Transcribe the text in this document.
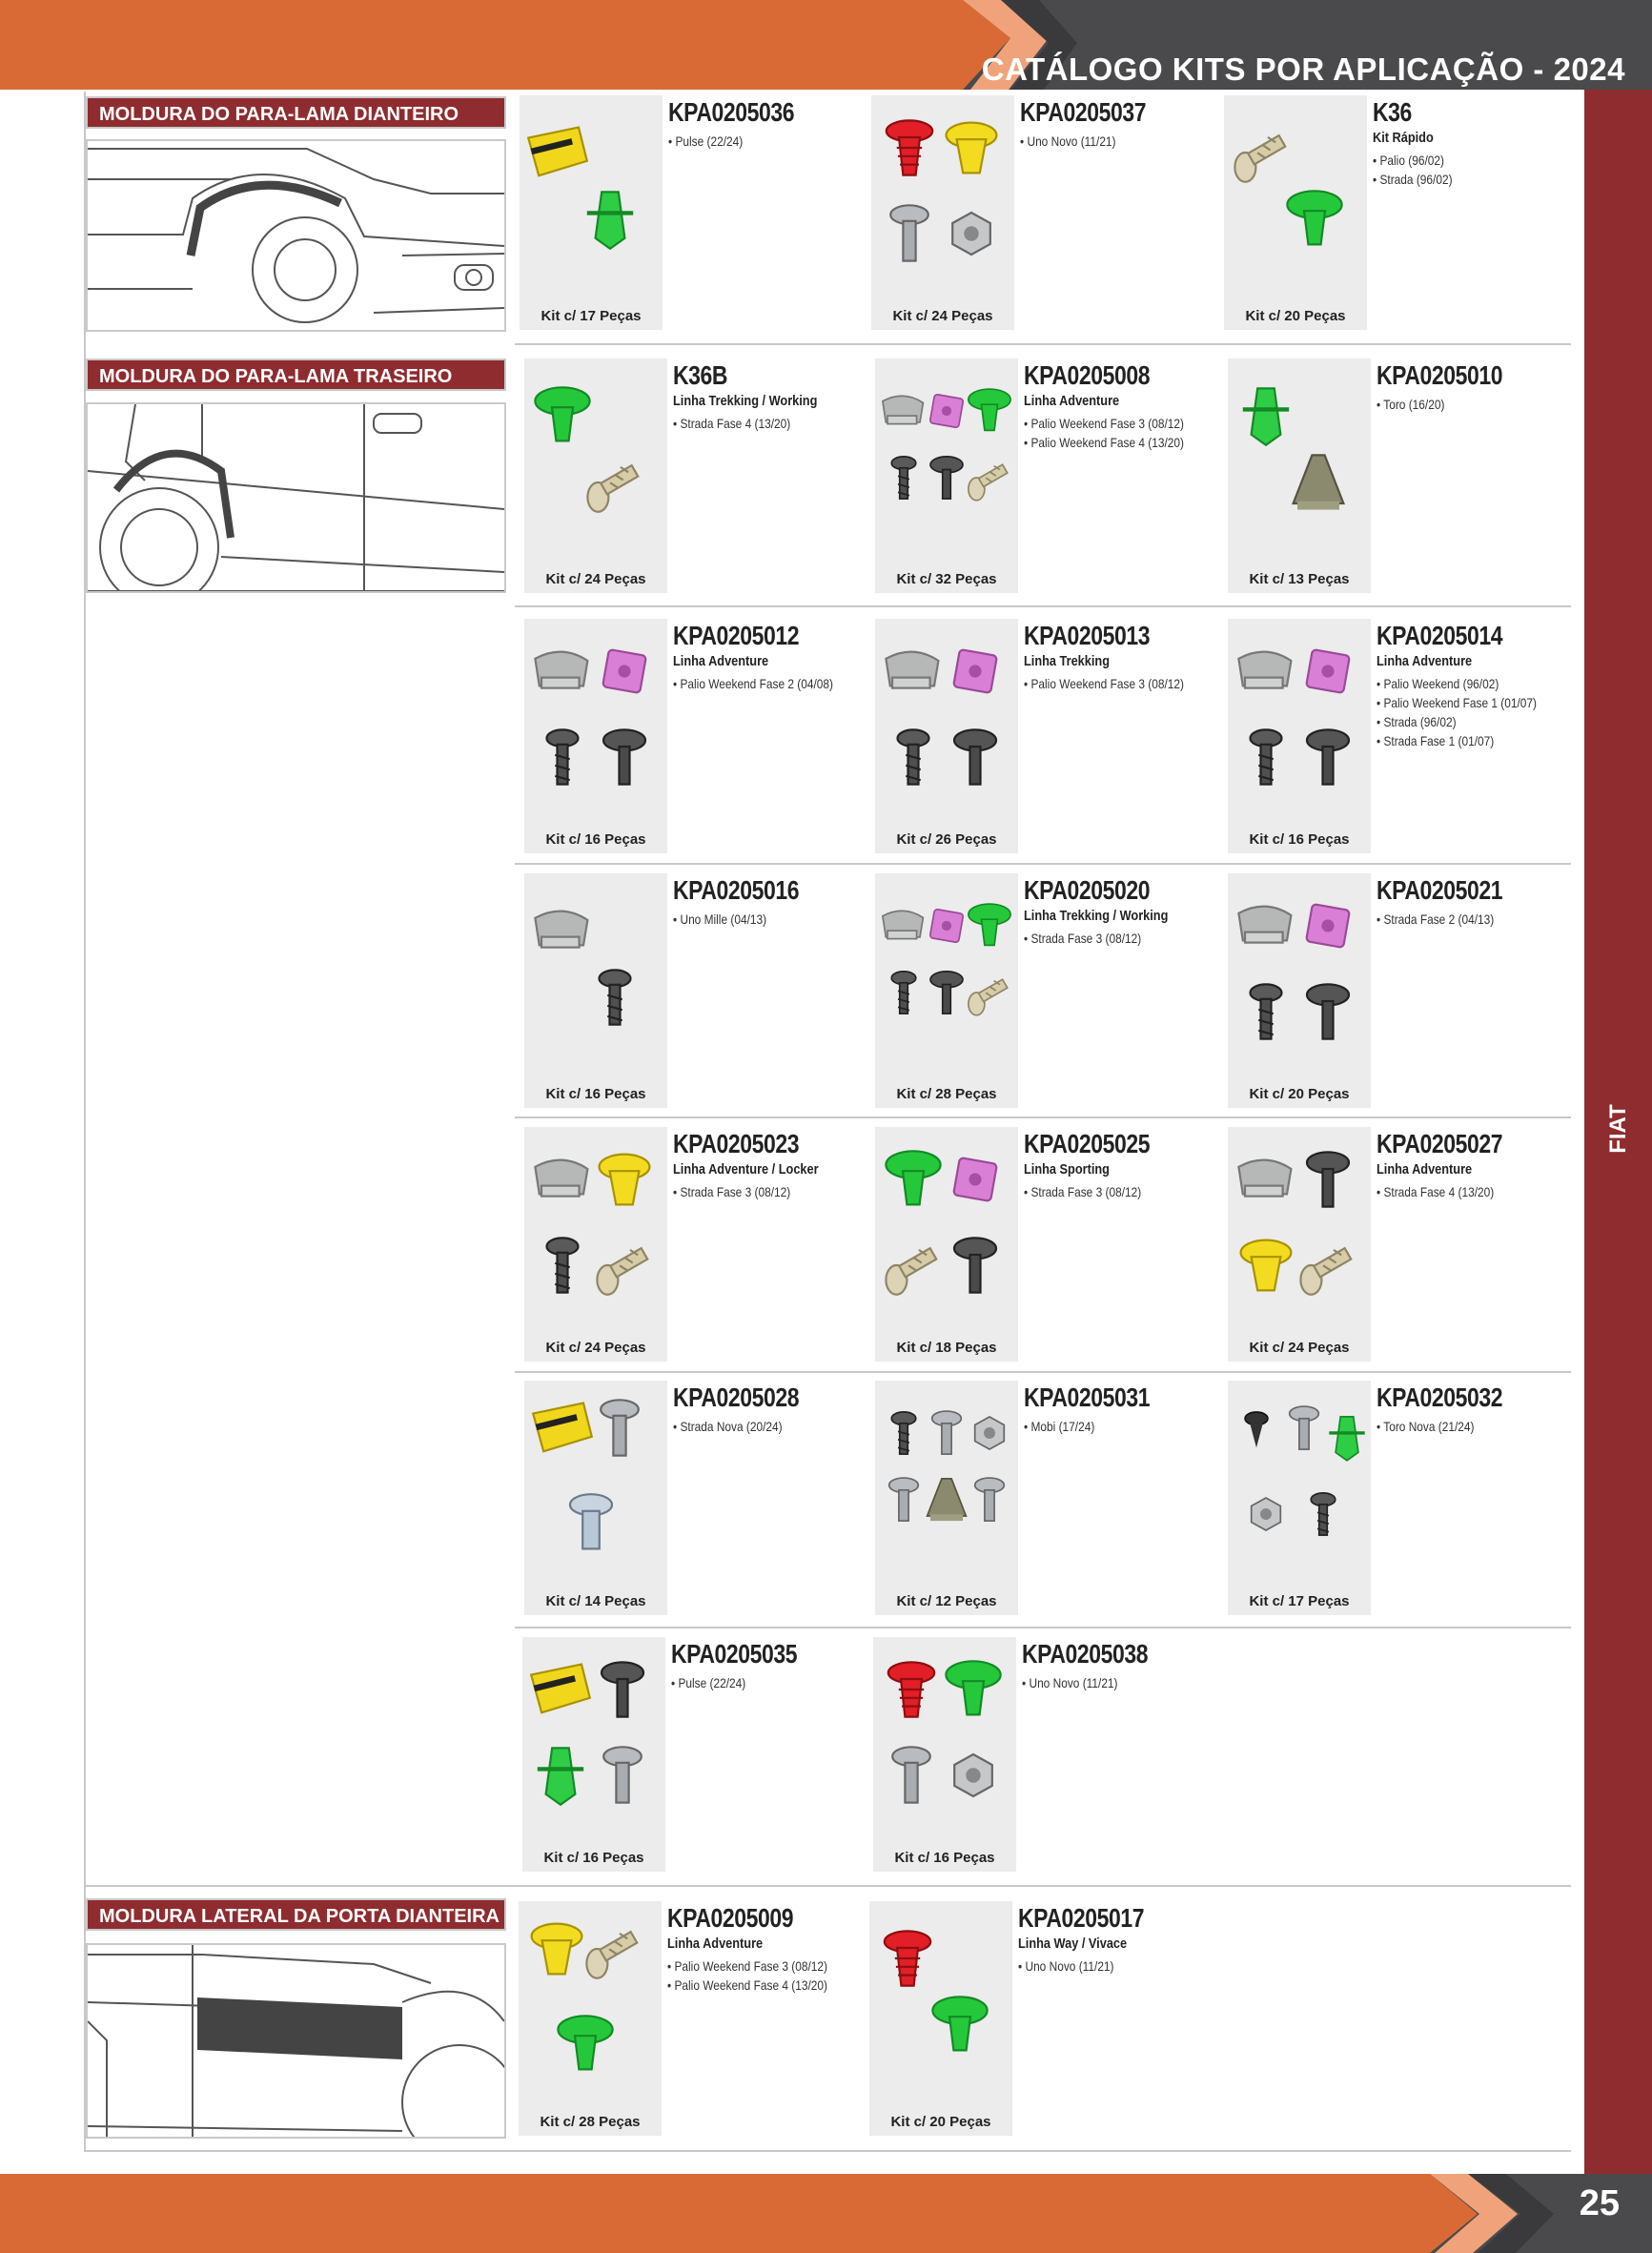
CATÁLOGO KITS POR APLICAÇÃO - 2024
FIAT
25
MOLDURA DO PARA-LAMA DIANTEIRO
MOLDURA DO PARA-LAMA TRASEIRO
MOLDURA LATERAL DA PORTA DIANTEIRA
Kit c/ 17 Peças
KPA0205036
• Pulse (22/24)
Kit c/ 24 Peças
KPA0205037
• Uno Novo (11/21)
Kit c/ 20 Peças
K36
Kit Rápido
• Palio (96/02)
• Strada (96/02)
Kit c/ 24 Peças
K36B
Linha Trekking / Working
• Strada Fase 4 (13/20)
Kit c/ 32 Peças
KPA0205008
Linha Adventure
• Palio Weekend Fase 3 (08/12)
• Palio Weekend Fase 4 (13/20)
Kit c/ 13 Peças
KPA0205010
• Toro (16/20)
Kit c/ 16 Peças
KPA0205012
Linha Adventure
• Palio Weekend Fase 2 (04/08)
Kit c/ 26 Peças
KPA0205013
Linha Trekking
• Palio Weekend Fase 3 (08/12)
Kit c/ 16 Peças
KPA0205014
Linha Adventure
• Palio Weekend (96/02)
• Palio Weekend Fase 1 (01/07)
• Strada (96/02)
• Strada Fase 1 (01/07)
Kit c/ 16 Peças
KPA0205016
• Uno Mille (04/13)
Kit c/ 28 Peças
KPA0205020
Linha Trekking / Working
• Strada Fase 3 (08/12)
Kit c/ 20 Peças
KPA0205021
• Strada Fase 2 (04/13)
Kit c/ 24 Peças
KPA0205023
Linha Adventure / Locker
• Strada Fase 3 (08/12)
Kit c/ 18 Peças
KPA0205025
Linha Sporting
• Strada Fase 3 (08/12)
Kit c/ 24 Peças
KPA0205027
Linha Adventure
• Strada Fase 4 (13/20)
Kit c/ 14 Peças
KPA0205028
• Strada Nova (20/24)
Kit c/ 12 Peças
KPA0205031
• Mobi (17/24)
Kit c/ 17 Peças
KPA0205032
• Toro Nova (21/24)
Kit c/ 16 Peças
KPA0205035
• Pulse (22/24)
Kit c/ 16 Peças
KPA0205038
• Uno Novo (11/21)
Kit c/ 28 Peças
KPA0205009
Linha Adventure
• Palio Weekend Fase 3 (08/12)
• Palio Weekend Fase 4 (13/20)
Kit c/ 20 Peças
KPA0205017
Linha Way / Vivace
• Uno Novo (11/21)
